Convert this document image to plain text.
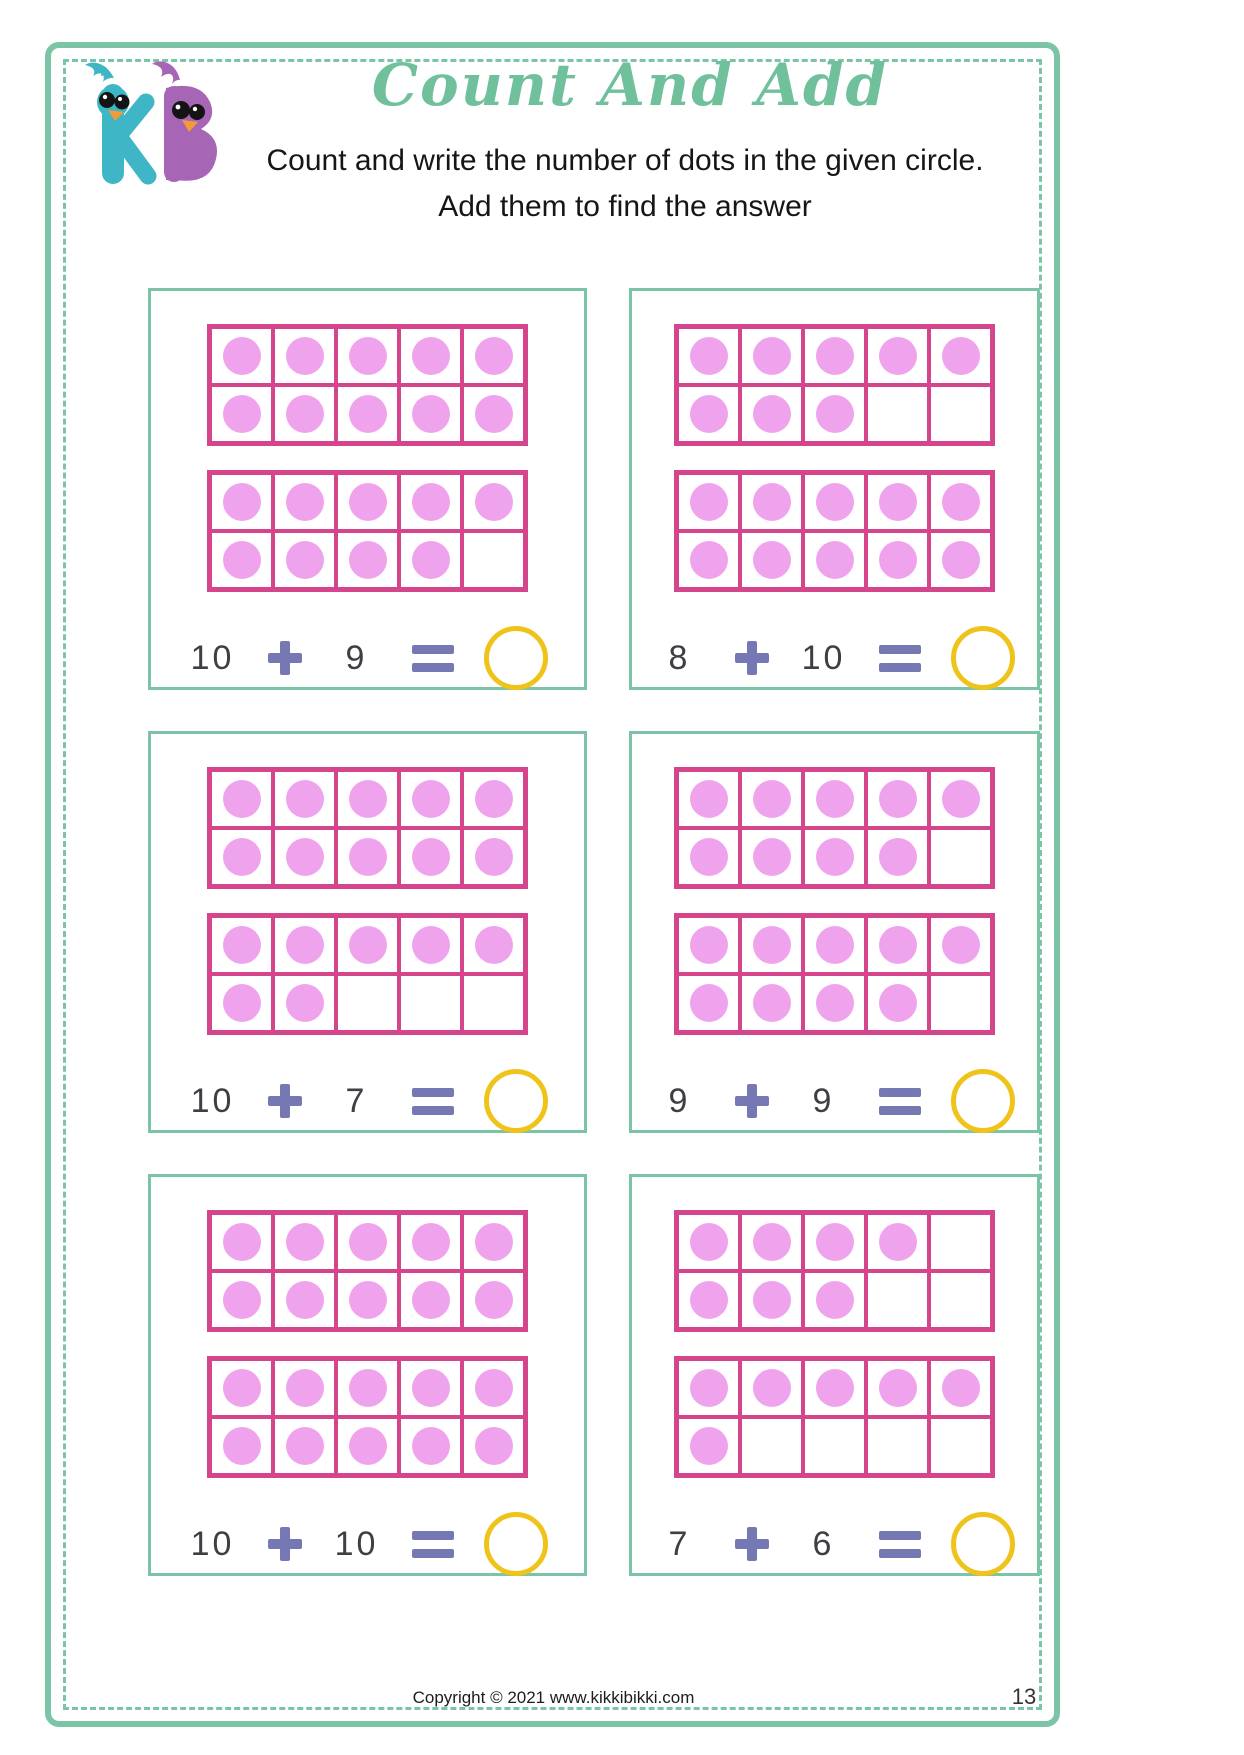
Count And Add

Count and write the number of dots in the given circle.

Add them to find the answer

10	9	8	10
10	7	9	9
10	10	7	6
Copyright © 2021 www.kikkibikki.com	13
